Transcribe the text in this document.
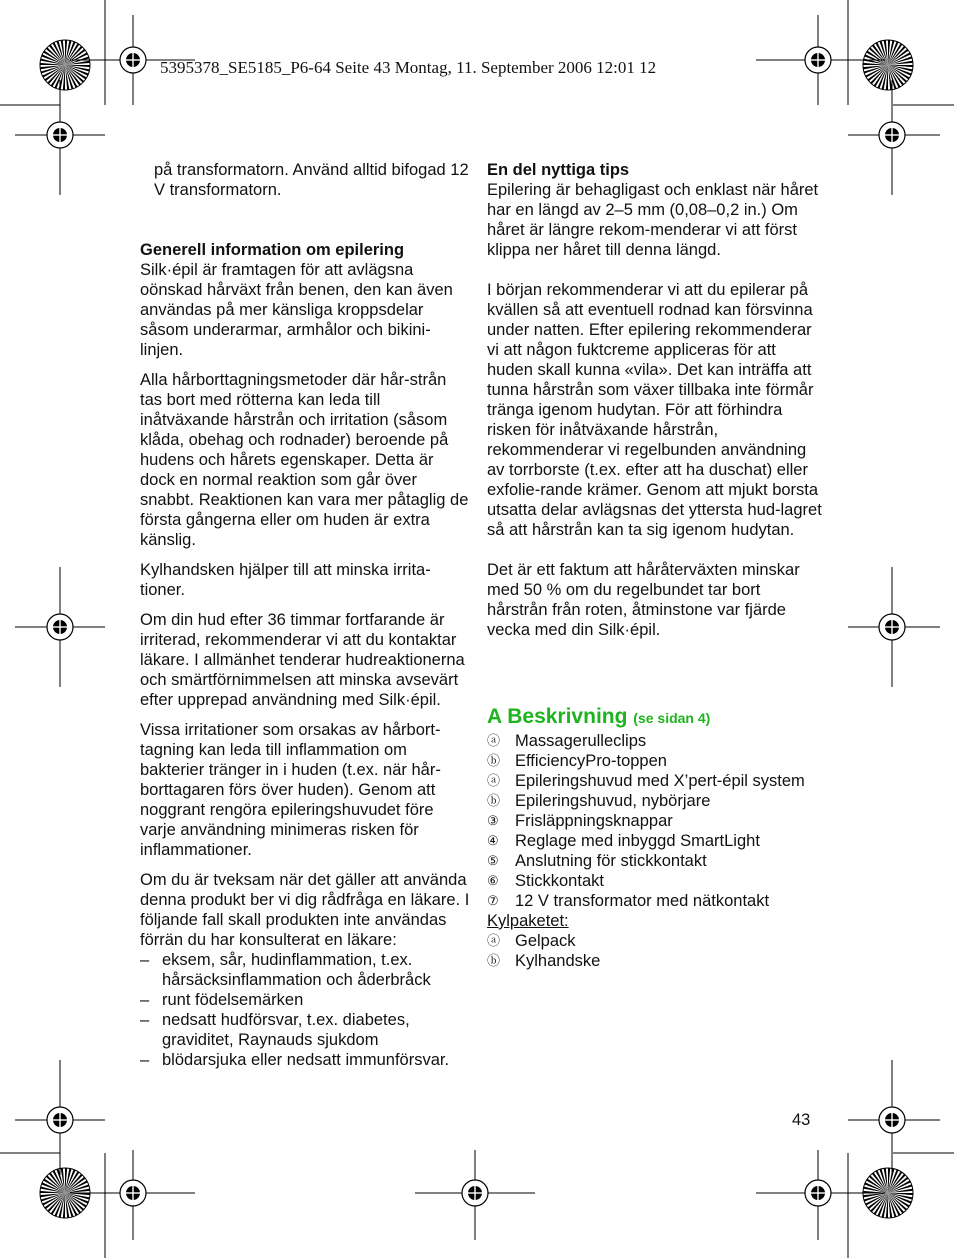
5395378_SE5185_P6-64 Seite 43 Montag, 11. September 2006 12:01 12

på transformatorn. Använd alltid bifogad 12 V transformatorn.

Generell information om epilering

Silk·épil är framtagen för att avlägsna oönskad hårväxt från benen, den kan även användas på mer känsliga kroppsdelar såsom underarmar, armhålor och bikini-linjen.

Alla hårborttagningsmetoder där hår-strån tas bort med rötterna kan leda till inåtväxande hårstrån och irritation (såsom klåda, obehag och rodnader) beroende på hudens och hårets egenskaper. Detta är dock en normal reaktion som går över snabbt. Reaktionen kan vara mer påtaglig de första gångerna eller om huden är extra känslig.

Kylhandsken hjälper till att minska irrita-tioner.

Om din hud efter 36 timmar fortfarande är irriterad, rekommenderar vi att du kontaktar läkare. I allmänhet tenderar hudreaktionerna och smärtförnimmelsen att minska avsevärt efter upprepad användning med Silk·épil.

Vissa irritationer som orsakas av hårbort-tagning kan leda till inflammation om bakterier tränger in i huden (t.ex. när hår-borttagaren förs över huden). Genom att noggrant rengöra epileringshuvudet före varje användning minimeras risken för inflammationer.

Om du är tveksam när det gäller att använda denna produkt ber vi dig rådfråga en läkare. I följande fall skall produkten inte användas förrän du har konsulterat en läkare:

– eksem, sår, hudinflammation, t.ex. hårsäcksinflammation och åderbråck
– runt födelsemärken
– nedsatt hudförsvar, t.ex. diabetes, graviditet, Raynauds sjukdom
– blödarsjuka eller nedsatt immunförsvar.

En del nyttiga tips

Epilering är behagligast och enklast när håret har en längd av 2–5 mm (0,08–0,2 in.) Om håret är längre rekom-menderar vi att först klippa ner håret till denna längd.

I början rekommenderar vi att du epilerar på kvällen så att eventuell rodnad kan försvinna under natten. Efter epilering rekommenderar vi att någon fuktcreme appliceras för att huden skall kunna «vila». Det kan inträffa att tunna hårstrån som växer tillbaka inte förmår tränga igenom hudytan. För att förhindra risken för inåtväxande hårstrån, rekommenderar vi regelbunden användning av torrborste (t.ex. efter att ha duschat) eller exfolie-rande krämer. Genom att mjukt borsta utsatta delar avlägsnas det yttersta hud-lagret så att hårstrån kan ta sig igenom hudytan.

Det är ett faktum att håråterväxten minskar med 50 % om du regelbundet tar bort hårstrån från roten, åtminstone var fjärde vecka med din Silk·épil.

A Beskrivning (se sidan 4)

ⓐ Massagerulleclips
ⓑ EfficiencyPro-toppen
ⓐ Epileringshuvud med X’pert-épil system
ⓑ Epileringshuvud, nybörjare
③ Frisläppningsknappar
④ Reglage med inbyggd SmartLight
⑤ Anslutning för stickkontakt
⑥ Stickkontakt
⑦ 12 V transformator med nätkontakt

Kylpaketet:

ⓐ Gelpack
ⓑ Kylhandske
43
